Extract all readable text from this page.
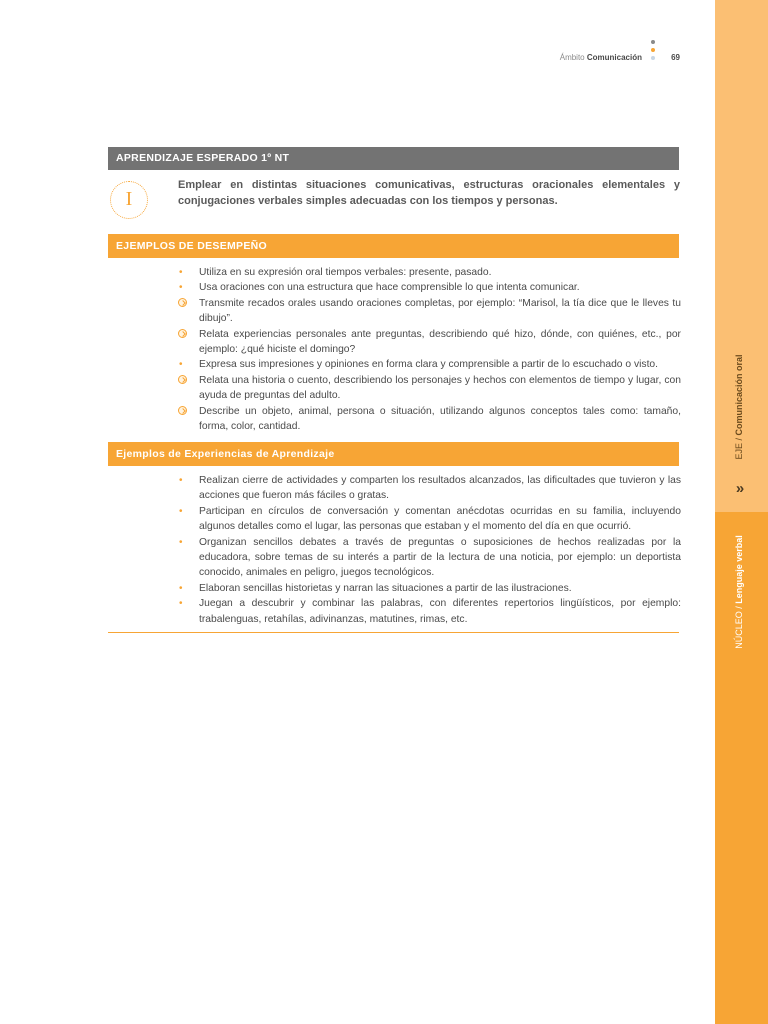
Ámbito Comunicación	69
EJE / Comunicación oral
»
NÚCLEO / Lenguaje verbal
APRENDIZAJE ESPERADO 1º NT
I
Emplear en distintas situaciones comunicativas, estructuras oracionales elementales y conjugaciones verbales simples adecuadas con los tiempos y personas.
EJEMPLOS DE DESEMPEÑO
• Utiliza en su expresión oral tiempos verbales: presente, pasado.
• Usa oraciones con una estructura que hace comprensible lo que intenta comunicar.
Transmite recados orales usando oraciones completas, por ejemplo: “Marisol, la tía dice que le lleves tu dibujo”.
Relata experiencias personales ante preguntas, describiendo qué hizo, dónde, con quiénes, etc., por ejemplo: ¿qué hiciste el domingo?
• Expresa sus impresiones y opiniones en forma clara y comprensible a partir de lo escuchado o visto.
Relata una historia o cuento, describiendo los personajes y hechos con elementos de tiempo y lugar, con ayuda de preguntas del adulto.
Describe un objeto, animal, persona o situación, utilizando algunos conceptos tales como: tamaño, forma, color, cantidad.
Ejemplos de Experiencias de Aprendizaje
• Realizan cierre de actividades y comparten los resultados alcanzados, las dificultades que tuvieron y las acciones que fueron más fáciles o gratas.
• Participan en círculos de conversación y comentan anécdotas ocurridas en su familia, incluyendo algunos detalles como el lugar, las personas que estaban y el momento del día en que ocurrió.
• Organizan sencillos debates a través de preguntas o suposiciones de hechos realizadas por la educadora, sobre temas de su interés a partir de la lectura de una noticia, por ejemplo: un deportista conocido, animales en peligro, juegos tecnológicos.
• Elaboran sencillas historietas y narran las situaciones a partir de las ilustraciones.
• Juegan a descubrir y combinar las palabras, con diferentes repertorios lingüísticos, por ejemplo: trabalenguas, retahílas, adivinanzas, matutines, rimas, etc.
